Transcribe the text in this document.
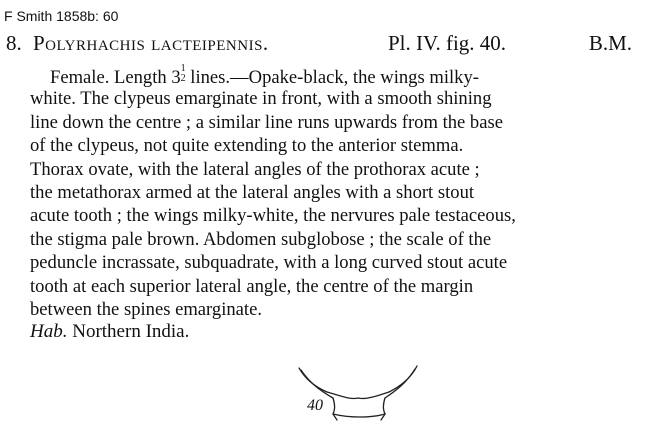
F Smith 1858b: 60
8. Polyrhachis lacteipennis.	Pl. IV. fig. 40.	B.M.
Female. Length 31
2 lines.—Opake-black, the wings milky-
white. The clypeus emarginate in front, with a smooth shining
line down the centre ; a similar line runs upwards from the base
of the clypeus, not quite extending to the anterior stemma.
Thorax ovate, with the lateral angles of the prothorax acute ;
the metathorax armed at the lateral angles with a short stout
acute tooth ; the wings milky-white, the nervures pale testaceous,
the stigma pale brown. Abdomen subglobose ; the scale of the
peduncle incrassate, subquadrate, with a long curved stout acute
tooth at each superior lateral angle, the centre of the margin
between the spines emarginate.
Hab. Northern India.
40
